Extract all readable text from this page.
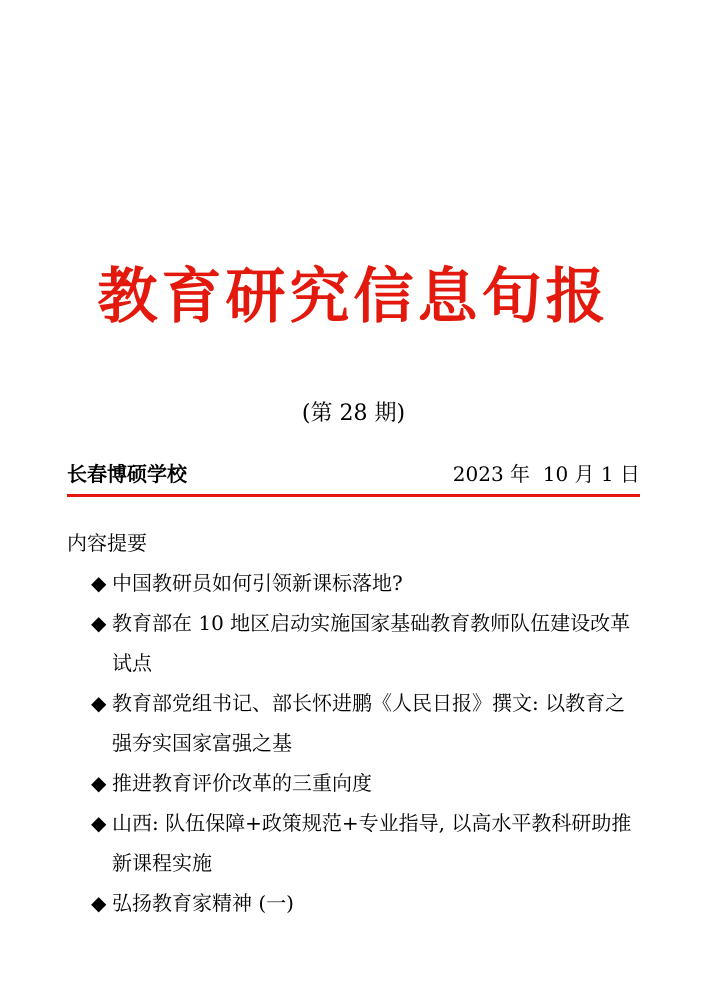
教育研究信息旬报
(第 28 期)
长春博硕学校	2023 年  10 月 1 日
内容提要
◆ 中国教研员如何引领新课标落地?
◆ 教育部在 10 地区启动实施国家基础教育教师队伍建设改革试点
◆ 教育部党组书记、部长怀进鹏《人民日报》撰文: 以教育之强夯实国家富强之基
◆ 推进教育评价改革的三重向度
◆ 山西: 队伍保障+政策规范+专业指导, 以高水平教科研助推新课程实施
◆ 弘扬教育家精神 (一)
